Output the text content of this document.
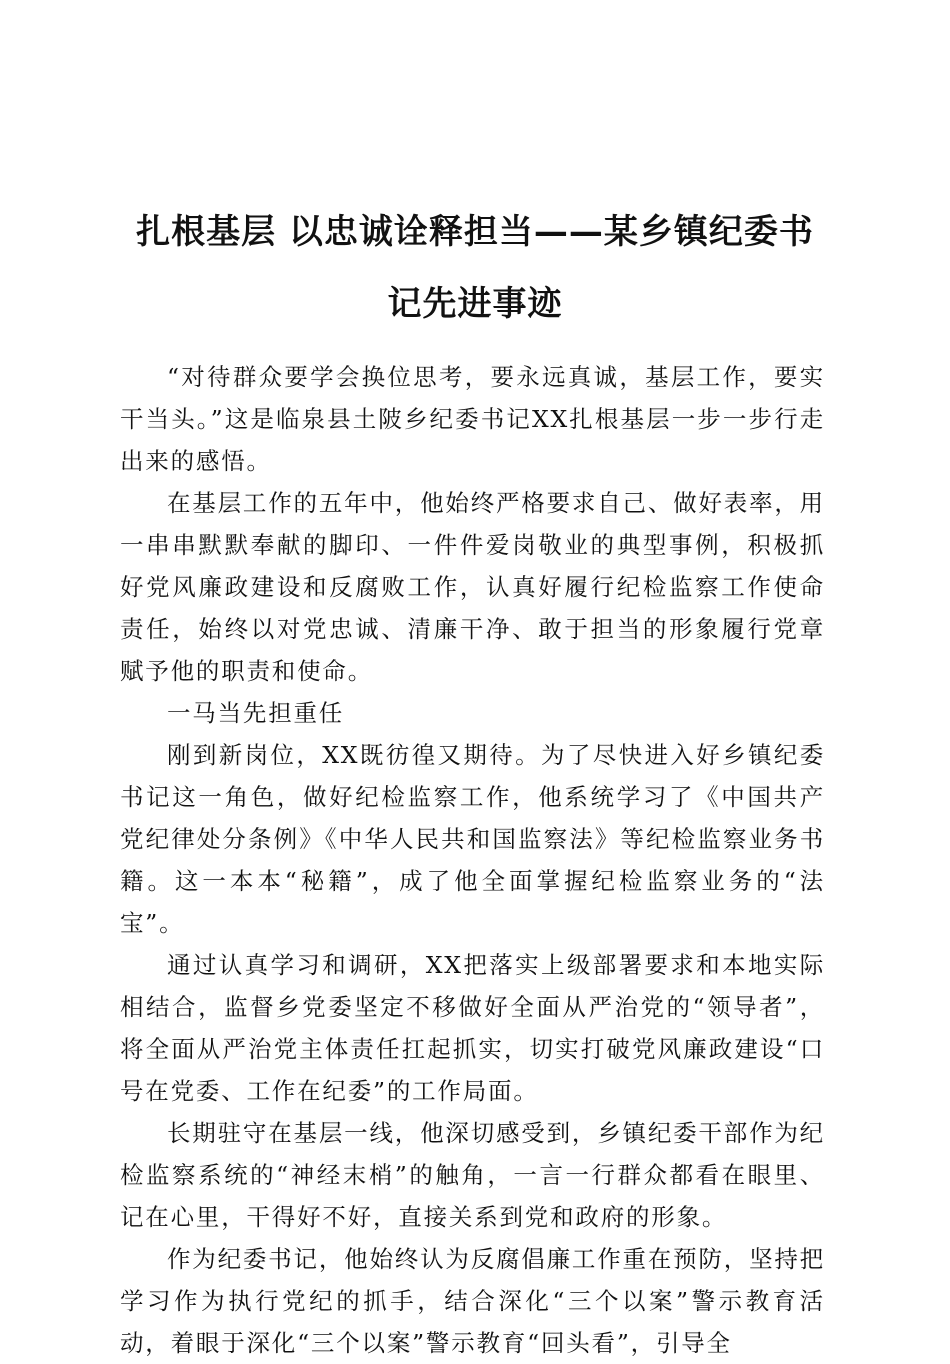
扎根基层 以忠诚诠释担当——某乡镇纪委书
记先进事迹

“对待群众要学会换位思考，要永远真诚，基层工作，要实干当头。”这是临泉县土陂乡纪委书记XX扎根基层一步一步行走出来的感悟。

在基层工作的五年中，他始终严格要求自己、做好表率，用一串串默默奉献的脚印、一件件爱岗敬业的典型事例，积极抓好党风廉政建设和反腐败工作，认真好履行纪检监察工作使命责任，始终以对党忠诚、清廉干净、敢于担当的形象履行党章赋予他的职责和使命。

一马当先担重任

刚到新岗位，XX既彷徨又期待。为了尽快进入好乡镇纪委书记这一角色，做好纪检监察工作，他系统学习了《中国共产党纪律处分条例》《中华人民共和国监察法》等纪检监察业务书籍。这一本本“秘籍”，成了他全面掌握纪检监察业务的“法宝”。

通过认真学习和调研，XX把落实上级部署要求和本地实际相结合，监督乡党委坚定不移做好全面从严治党的“领导者”，将全面从严治党主体责任扛起抓实，切实打破党风廉政建设“口号在党委、工作在纪委”的工作局面。

长期驻守在基层一线，他深切感受到，乡镇纪委干部作为纪检监察系统的“神经末梢”的触角，一言一行群众都看在眼里、记在心里，干得好不好，直接关系到党和政府的形象。

作为纪委书记，他始终认为反腐倡廉工作重在预防，坚持把学习作为执行党纪的抓手，结合深化“三个以案”警示教育活动，着眼于深化“三个以案”警示教育“回头看”，引导全
